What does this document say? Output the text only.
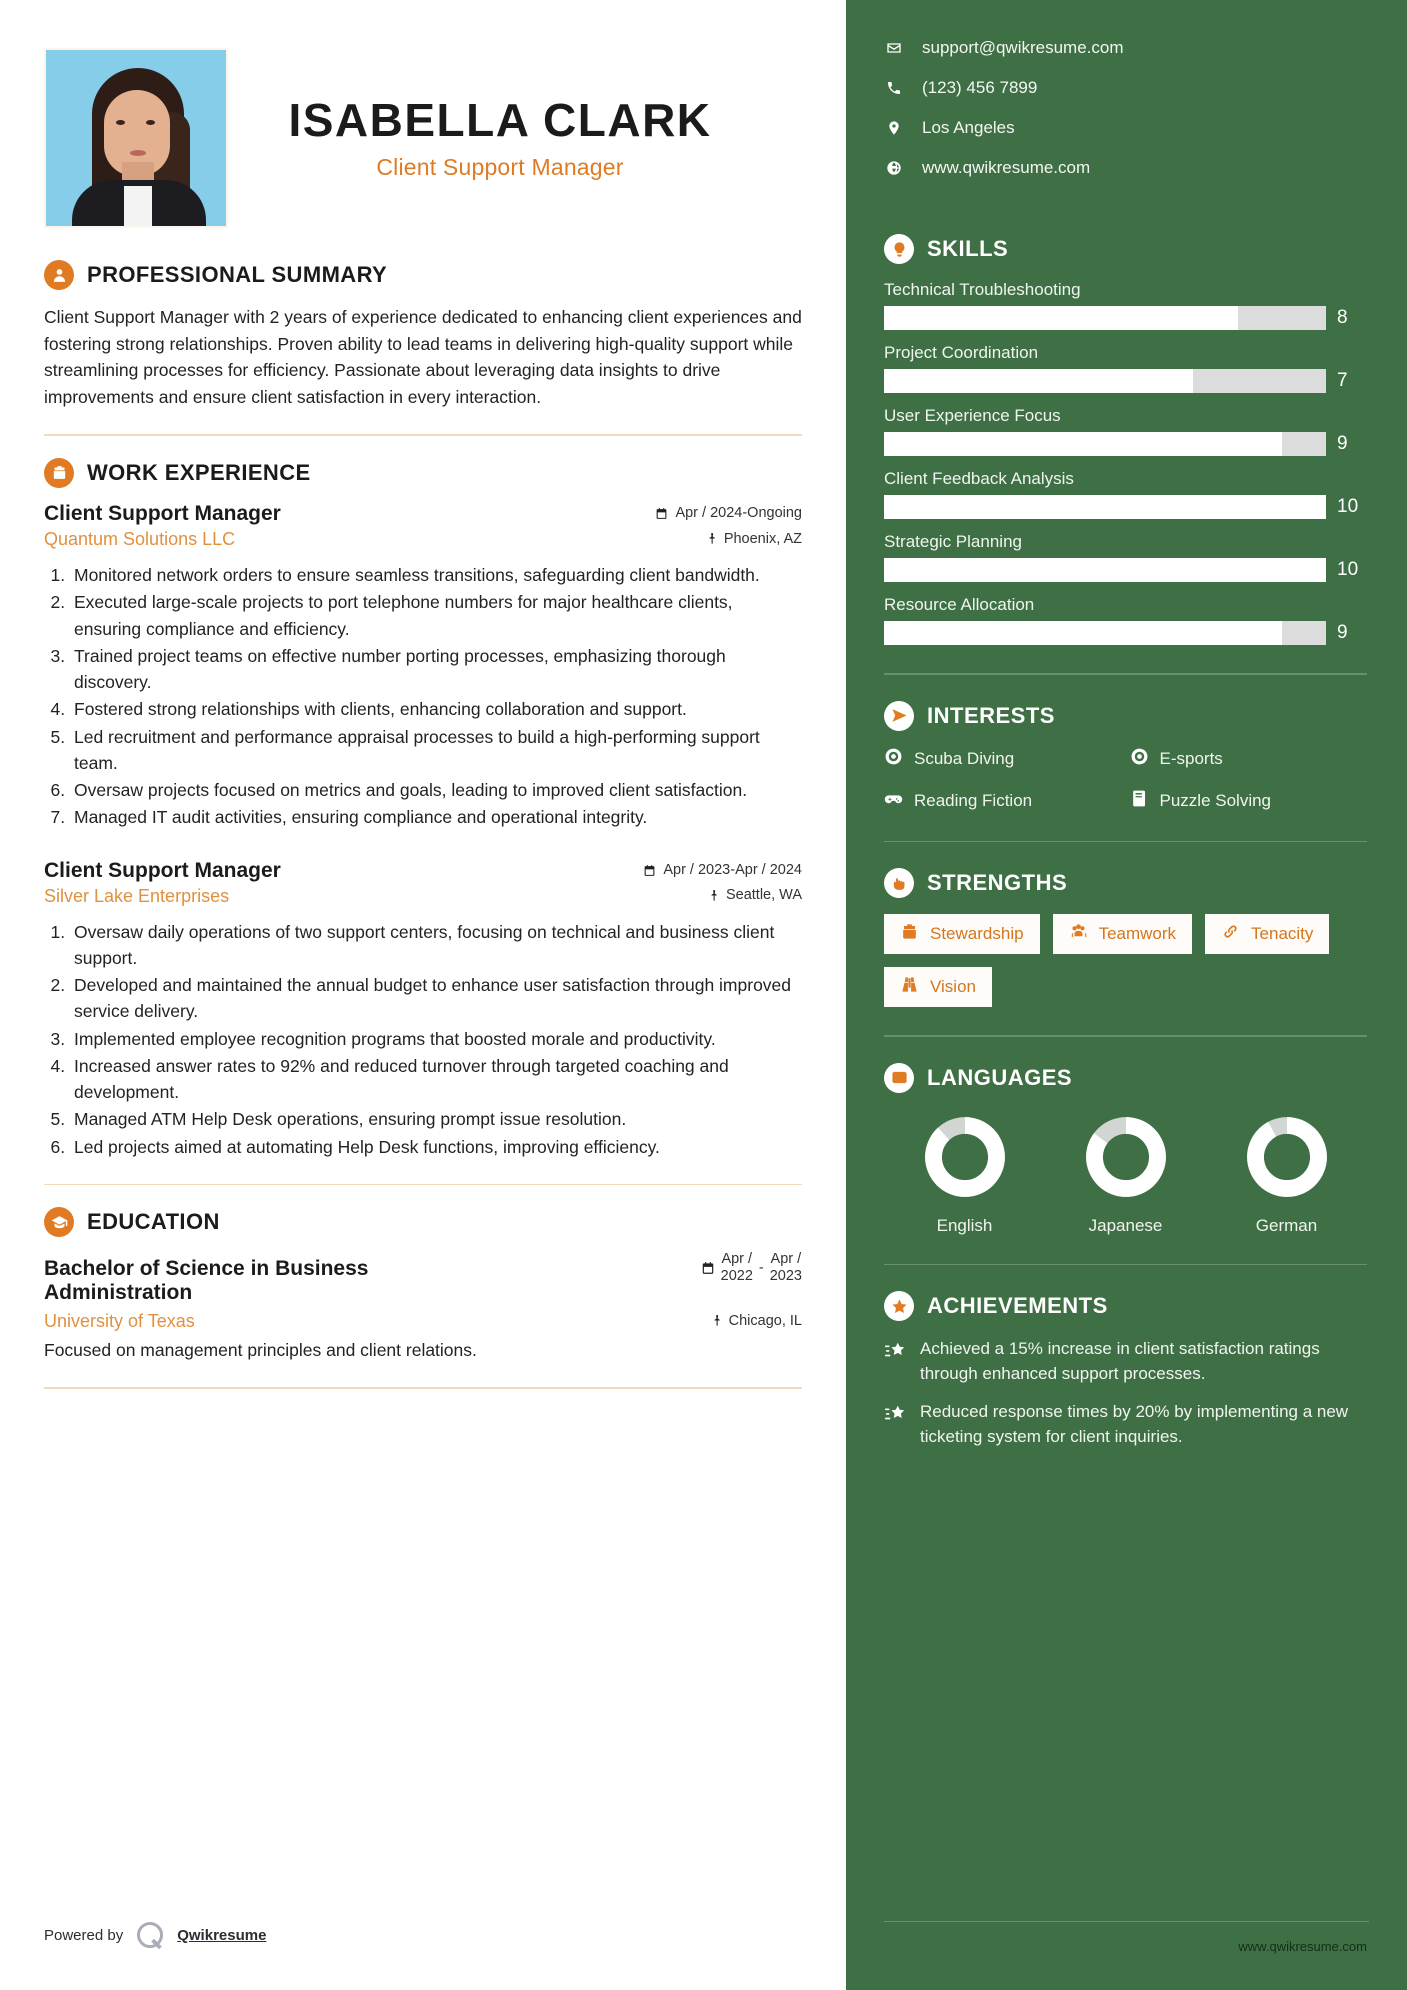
ISABELLA CLARK
Client Support Manager
PROFESSIONAL SUMMARY
Client Support Manager with 2 years of experience dedicated to enhancing client experiences and fostering strong relationships. Proven ability to lead teams in delivering high-quality support while streamlining processes for efficiency. Passionate about leveraging data insights to drive improvements and ensure client satisfaction in every interaction.
WORK EXPERIENCE
Client Support Manager	Apr / 2024-Ongoing
Quantum Solutions LLC	Phoenix, AZ
1. Monitored network orders to ensure seamless transitions, safeguarding client bandwidth.
2. Executed large-scale projects to port telephone numbers for major healthcare clients, ensuring compliance and efficiency.
3. Trained project teams on effective number porting processes, emphasizing thorough discovery.
4. Fostered strong relationships with clients, enhancing collaboration and support.
5. Led recruitment and performance appraisal processes to build a high-performing support team.
6. Oversaw projects focused on metrics and goals, leading to improved client satisfaction.
7. Managed IT audit activities, ensuring compliance and operational integrity.
Client Support Manager	Apr / 2023-Apr / 2024
Silver Lake Enterprises	Seattle, WA
1. Oversaw daily operations of two support centers, focusing on technical and business client support.
2. Developed and maintained the annual budget to enhance user satisfaction through improved service delivery.
3. Implemented employee recognition programs that boosted morale and productivity.
4. Increased answer rates to 92% and reduced turnover through targeted coaching and development.
5. Managed ATM Help Desk operations, ensuring prompt issue resolution.
6. Led projects aimed at automating Help Desk functions, improving efficiency.
EDUCATION
Bachelor of Science in Business Administration
Apr /
2022 -
Apr /
2023
University of Texas	Chicago, IL
Focused on management principles and client relations.
Powered by	Qwikresume
support@qwikresume.com
(123) 456 7899
Los Angeles
www.qwikresume.com
SKILLS
Technical Troubleshooting
8
Project Coordination
7
User Experience Focus
9
Client Feedback Analysis
10
Strategic Planning
10
Resource Allocation
9
INTERESTS
Scuba Diving	E-sports
Reading Fiction	Puzzle Solving
STRENGTHS
Stewardship	Teamwork	Tenacity
Vision
LANGUAGES
English	Japanese	German
ACHIEVEMENTS
Achieved a 15% increase in client satisfaction ratings through enhanced support processes.
Reduced response times by 20% by implementing a new ticketing system for client inquiries.
www.qwikresume.com
